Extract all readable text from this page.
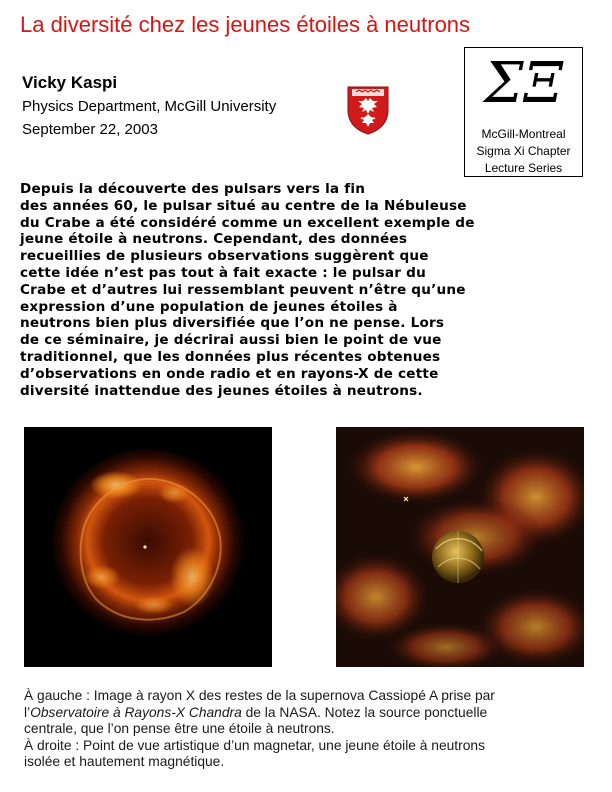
La diversité chez les jeunes étoiles à neutrons
Vicky Kaspi
Physics Department, McGill University
September 22, 2003
ΣΞ
McGill-Montreal
Sigma Xi Chapter
Lecture Series
Depuis la découverte des pulsars vers la fin
des années 60, le pulsar situé au centre de la Nébuleuse
du Crabe a été considéré comme un excellent exemple de
jeune étoile à neutrons. Cependant, des données
recueillies de plusieurs observations suggèrent que
cette idée n’est pas tout à fait exacte : le pulsar du
Crabe et d’autres lui ressemblant peuvent n’être qu’une
expression d’une population de jeunes étoiles à
neutrons bien plus diversifiée que l’on ne pense. Lors
de ce séminaire, je décrirai aussi bien le point de vue
traditionnel, que les données plus récentes obtenues
d’observations en onde radio et en rayons-X de cette
diversité inattendue des jeunes étoiles à neutrons.
À gauche : Image à rayon X des restes de la supernova Cassiopé A prise par
l’Observatoire à Rayons-X Chandra de la NASA. Notez la source ponctuelle
centrale, que l’on pense être une étoile à neutrons.
À droite : Point de vue artistique d’un magnetar, une jeune étoile à neutrons
isolée et hautement magnétique.
